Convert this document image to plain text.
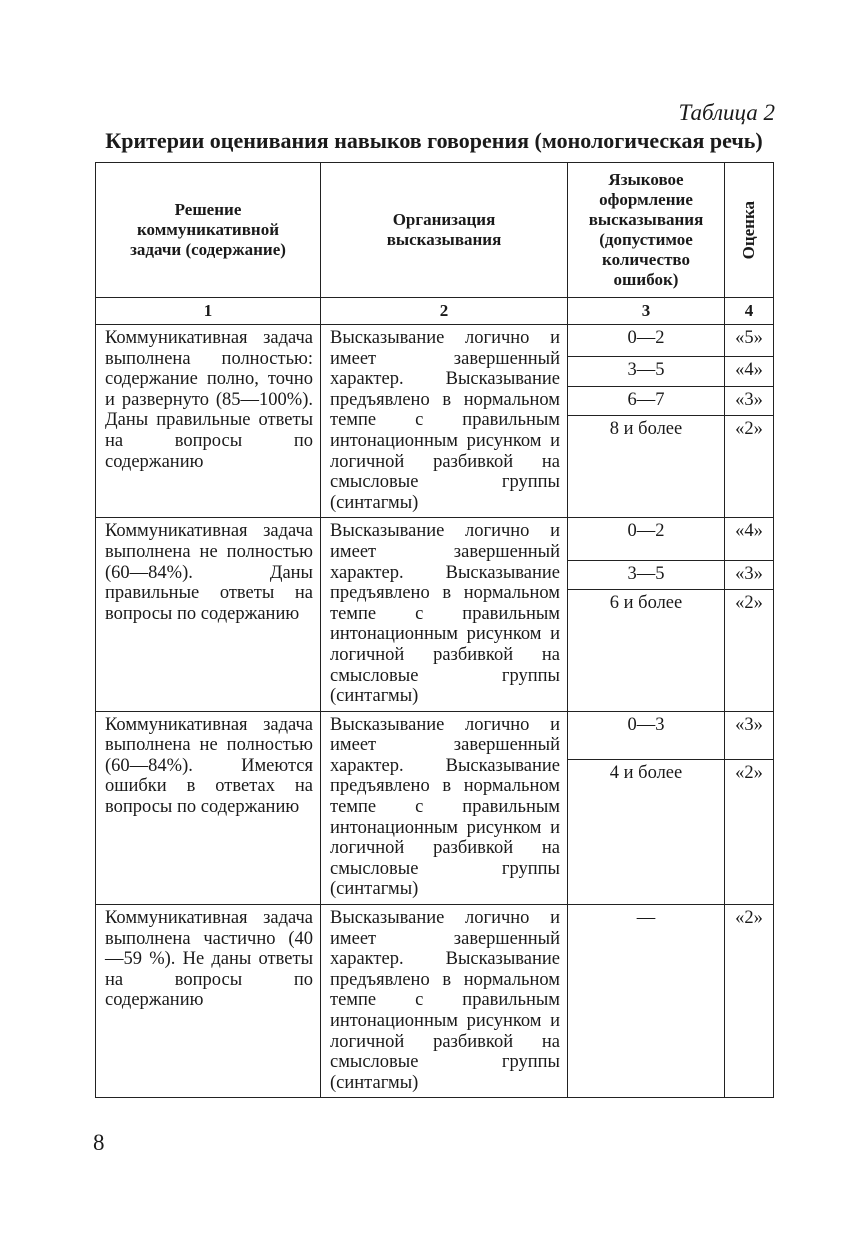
Таблица 2
Критерии оценивания навыков говорения (монологическая речь)
Решение коммуникативной задачи (содержание)	Организация высказывания	Языковое оформление высказывания (допустимое количество ошибок)	Оценка

1	2	3	4
Коммуникативная задача выполнена полностью: содержание полно, точно и развернуто (85—100%). Даны правильные ответы на вопросы по содержанию	Высказывание логично и имеет завершенный характер. Высказывание предъявлено в нормальном темпе с правильным интонационным рисунком и логичной разбивкой на смысловые группы (синтагмы)	0—2	«5»
		3—5	«4»
		6—7	«3»
		8 и более	«2»
Коммуникативная задача выполнена не полностью (60—84%). Даны правильные ответы на вопросы по содержанию	Высказывание логично и имеет завершенный характер. Высказывание предъявлено в нормальном темпе с правильным интонационным рисунком и логичной разбивкой на смысловые группы (синтагмы)	0—2	«4»
		3—5	«3»
		6 и более	«2»
Коммуникативная задача выполнена не полностью (60—84%). Имеются ошибки в ответах на вопросы по содержанию	Высказывание логично и имеет завершенный характер. Высказывание предъявлено в нормальном темпе с правильным интонационным рисунком и логичной разбивкой на смысловые группы (синтагмы)	0—3	«3»
		4 и более	«2»
Коммуникативная задача выполнена частично (40—59 %). Не даны ответы на вопросы по содержанию	Высказывание логично и имеет завершенный характер. Высказывание предъявлено в нормальном темпе с правильным интонационным рисунком и логичной разбивкой на смысловые группы (синтагмы)	—	«2»
8
